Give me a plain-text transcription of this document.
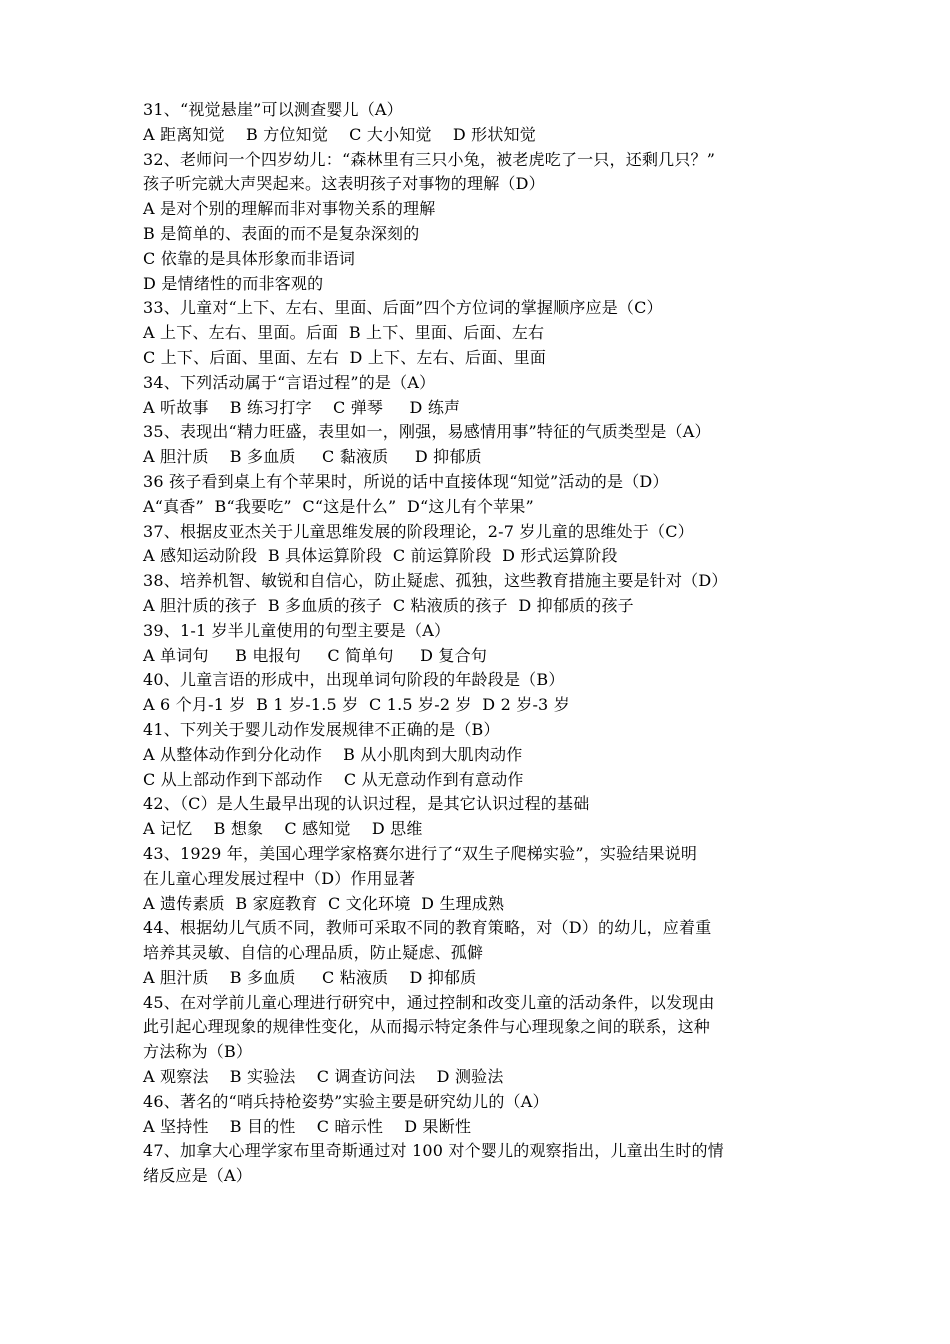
31、“视觉悬崖”可以测查婴儿（A）
A 距离知觉    B 方位知觉    C 大小知觉    D 形状知觉
32、老师问一个四岁幼儿：“森林里有三只小兔，被老虎吃了一只，还剩几只？”
孩子听完就大声哭起来。这表明孩子对事物的理解（D）
A 是对个别的理解而非对事物关系的理解
B 是简单的、表面的而不是复杂深刻的
C 依靠的是具体形象而非语词
D 是情绪性的而非客观的
33、儿童对“上下、左右、里面、后面”四个方位词的掌握顺序应是（C）
A 上下、左右、里面。后面  B 上下、里面、后面、左右
C 上下、后面、里面、左右  D 上下、左右、后面、里面
34、下列活动属于“言语过程”的是（A）
A 听故事    B 练习打字    C 弹琴     D 练声
35、表现出“精力旺盛，表里如一，刚强，易感情用事”特征的气质类型是（A）
A 胆汁质    B 多血质     C 黏液质     D 抑郁质
36 孩子看到桌上有个苹果时，所说的话中直接体现“知觉”活动的是（D）
A“真香”  B“我要吃”  C“这是什么”  D“这儿有个苹果”
37、根据皮亚杰关于儿童思维发展的阶段理论，2-7 岁儿童的思维处于（C）
A 感知运动阶段  B 具体运算阶段  C 前运算阶段  D 形式运算阶段
38、培养机智、敏锐和自信心，防止疑虑、孤独，这些教育措施主要是针对（D）
A 胆汁质的孩子  B 多血质的孩子  C 粘液质的孩子  D 抑郁质的孩子
39、1-1 岁半儿童使用的句型主要是（A）
A 单词句     B 电报句     C 简单句     D 复合句
40、儿童言语的形成中，出现单词句阶段的年龄段是（B）
A 6 个月-1 岁  B 1 岁-1.5 岁  C 1.5 岁-2 岁  D 2 岁-3 岁
41、下列关于婴儿动作发展规律不正确的是（B）
A 从整体动作到分化动作    B 从小肌肉到大肌肉动作
C 从上部动作到下部动作    C 从无意动作到有意动作
42、（C）是人生最早出现的认识过程，是其它认识过程的基础
A 记忆    B 想象    C 感知觉    D 思维
43、1929 年，美国心理学家格赛尔进行了“双生子爬梯实验”，实验结果说明
在儿童心理发展过程中（D）作用显著
A 遗传素质  B 家庭教育  C 文化环境  D 生理成熟
44、根据幼儿气质不同，教师可采取不同的教育策略，对（D）的幼儿，应着重
培养其灵敏、自信的心理品质，防止疑虑、孤僻
A 胆汁质    B 多血质     C 粘液质    D 抑郁质
45、在对学前儿童心理进行研究中，通过控制和改变儿童的活动条件，以发现由
此引起心理现象的规律性变化，从而揭示特定条件与心理现象之间的联系，这种
方法称为（B）
A 观察法    B 实验法    C 调查访问法    D 测验法
46、著名的“哨兵持枪姿势”实验主要是研究幼儿的（A）
A 坚持性    B 目的性    C 暗示性    D 果断性
47、加拿大心理学家布里奇斯通过对 100 对个婴儿的观察指出，儿童出生时的情
绪反应是（A）
